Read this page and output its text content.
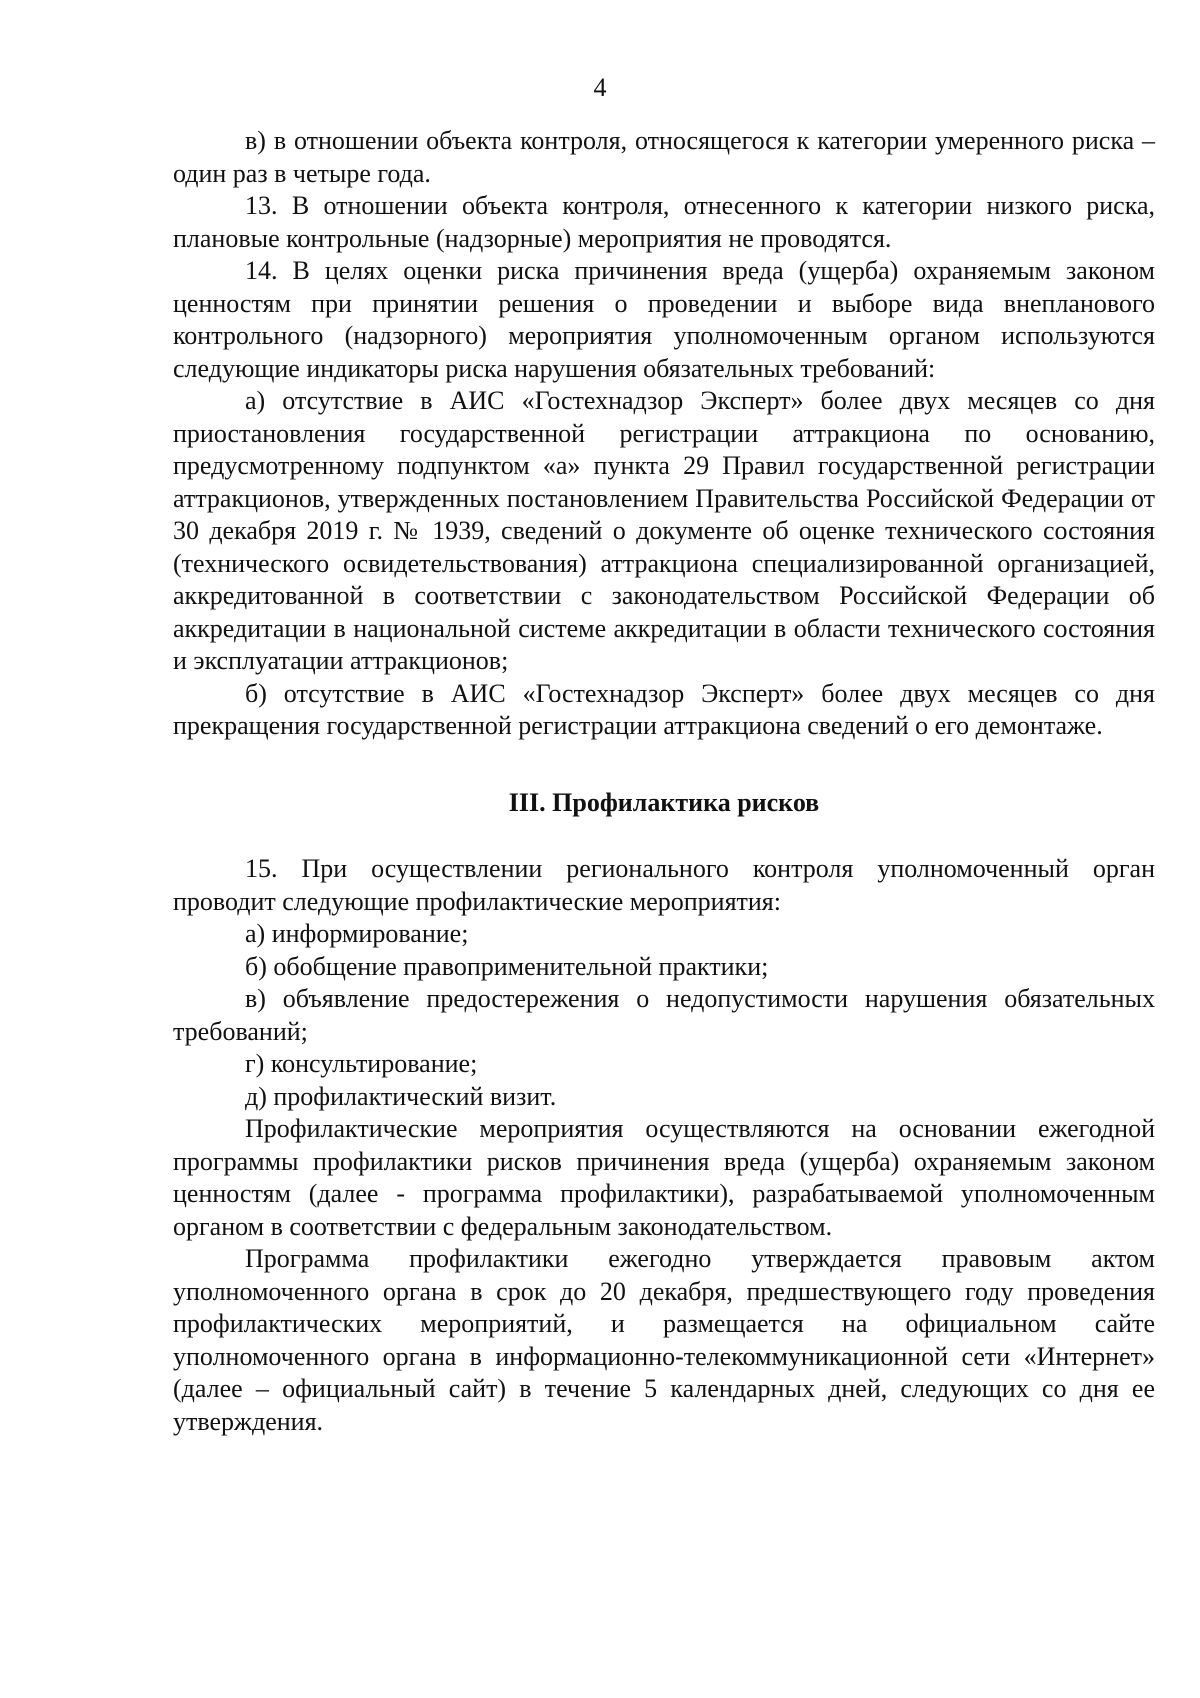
4

в) в отношении объекта контроля, относящегося к категории умеренного риска – один раз в четыре года.

13. В отношении объекта контроля, отнесенного к категории низкого риска, плановые контрольные (надзорные) мероприятия не проводятся.

14. В целях оценки риска причинения вреда (ущерба) охраняемым законом ценностям при принятии решения о проведении и выборе вида внепланового контрольного (надзорного) мероприятия уполномоченным органом используются следующие индикаторы риска нарушения обязательных требований:

а) отсутствие в АИС «Гостехнадзор Эксперт» более двух месяцев со дня приостановления государственной регистрации аттракциона по основанию, предусмотренному подпунктом «а» пункта 29 Правил государственной регистрации аттракционов, утвержденных постановлением Правительства Российской Федерации от 30 декабря 2019 г. № 1939, сведений о документе об оценке технического состояния (технического освидетельствования) аттракциона специализированной организацией, аккредитованной в соответствии с законодательством Российской Федерации об аккредитации в национальной системе аккредитации в области технического состояния и эксплуатации аттракционов;

б) отсутствие в АИС «Гостехнадзор Эксперт» более двух месяцев со дня прекращения государственной регистрации аттракциона сведений о его демонтаже.

III. Профилактика рисков

15. При осуществлении регионального контроля уполномоченный орган проводит следующие профилактические мероприятия:

а) информирование;

б) обобщение правоприменительной практики;

в) объявление предостережения о недопустимости нарушения обязательных требований;

г) консультирование;

д) профилактический визит.

Профилактические мероприятия осуществляются на основании ежегодной программы профилактики рисков причинения вреда (ущерба) охраняемым законом ценностям (далее - программа профилактики), разрабатываемой уполномоченным органом в соответствии с федеральным законодательством.

Программа профилактики ежегодно утверждается правовым актом уполномоченного органа в срок до 20 декабря, предшествующего году проведения профилактических мероприятий, и размещается на официальном сайте уполномоченного органа в информационно-телекоммуникационной сети «Интернет» (далее – официальный сайт) в течение 5 календарных дней, следующих со дня ее утверждения.
